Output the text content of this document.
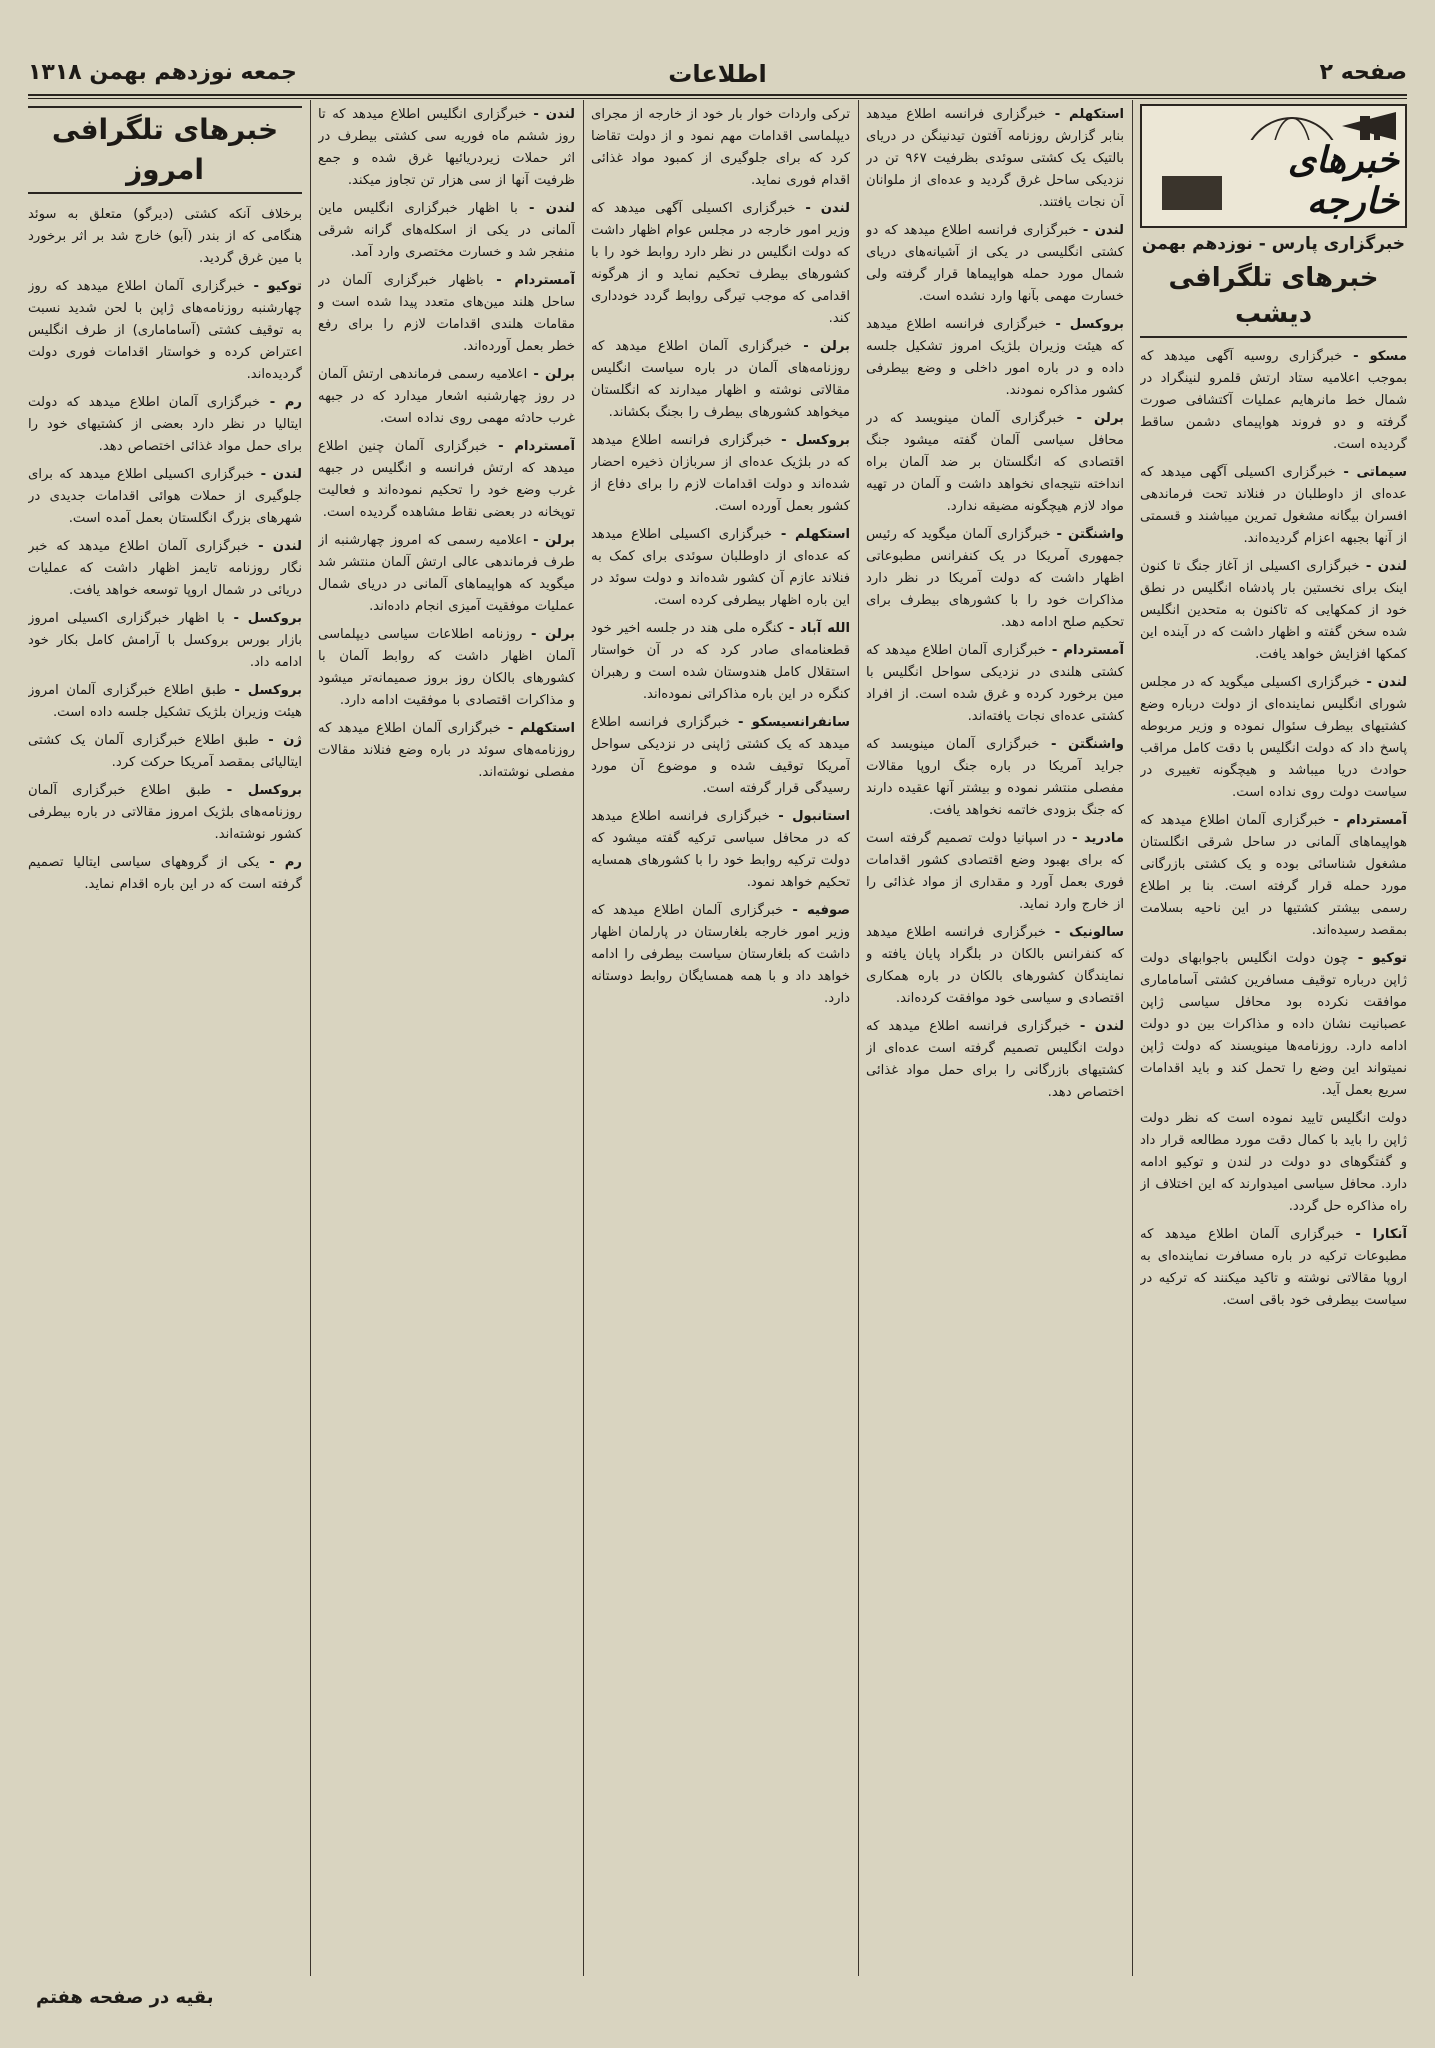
صفحه ۲
اطلاعات
جمعه نوزدهم بهمن ۱۳۱۸
خبرهای خارجه
خبرگزاری پارس - نوزدهم بهمن
خبرهای تلگرافی دیشب

مسکو - خبرگزاری روسیه آگهی میدهد که بموجب اعلامیه ستاد ارتش قلمرو لنینگراد در شمال خط مانرهایم عملیات آکتشافی صورت گرفته و دو فروند هواپیمای دشمن ساقط گردیده است.

سیماتی - خبرگزاری اکسیلی آگهی میدهد که عده‌ای از داوطلبان در فنلاند تحت فرماندهی افسران بیگانه مشغول تمرین میباشند و قسمتی از آنها بجبهه اعزام گردیده‌اند.

لندن - خبرگزاری اکسیلی از آغاز جنگ تا کنون اینک برای نخستین بار پادشاه انگلیس در نطق خود از کمکهایی که تاکنون به متحدین انگلیس شده سخن گفته و اظهار داشت که در آینده این کمکها افزایش خواهد یافت.

لندن - خبرگزاری اکسیلی میگوید که در مجلس شورای انگلیس نماینده‌ای از دولت درباره وضع کشتیهای بیطرف سئوال نموده و وزیر مربوطه پاسخ داد که دولت انگلیس با دقت کامل مراقب حوادث دریا میباشد و هیچگونه تغییری در سیاست دولت روی نداده است.

آمستردام - خبرگزاری آلمان اطلاع میدهد که هواپیماهای آلمانی در ساحل شرقی انگلستان مشغول شناسائی بوده و یک کشتی بازرگانی مورد حمله قرار گرفته است. بنا بر اطلاع رسمی بیشتر کشتیها در این ناحیه بسلامت بمقصد رسیده‌اند.

توکیو - چون دولت انگلیس باجوابهای دولت ژاپن درباره توقیف مسافرین کشتی آساماماری موافقت نکرده بود محافل سیاسی ژاپن عصبانیت نشان داده و مذاکرات بین دو دولت ادامه دارد. روزنامه‌ها مینویسند که دولت ژاپن نمیتواند این وضع را تحمل کند و باید اقدامات سریع بعمل آید.

دولت انگلیس تایید نموده است که نظر دولت ژاپن را باید با کمال دقت مورد مطالعه قرار داد و گفتگوهای دو دولت در لندن و توکیو ادامه دارد. محافل سیاسی امیدوارند که این اختلاف از راه مذاکره حل گردد.

آنکارا - خبرگزاری آلمان اطلاع میدهد که مطبوعات ترکیه در باره مسافرت نماینده‌ای به اروپا مقالاتی نوشته و تاکید میکنند که ترکیه در سیاست بیطرفی خود باقی است.

استکهلم - خبرگزاری فرانسه اطلاع میدهد بنابر گزارش روزنامه آفتون تیدنینگن در دریای بالتیک یک کشتی سوئدی بظرفیت ۹۶۷ تن در نزدیکی ساحل غرق گردید و عده‌ای از ملوانان آن نجات یافتند.

لندن - خبرگزاری فرانسه اطلاع میدهد که دو کشتی انگلیسی در یکی از آشیانه‌های دریای شمال مورد حمله هواپیماها قرار گرفته ولی خسارت مهمی بآنها وارد نشده است.

بروکسل - خبرگزاری فرانسه اطلاع میدهد که هیئت وزیران بلژیک امروز تشکیل جلسه داده و در باره امور داخلی و وضع بیطرفی کشور مذاکره نمودند.

برلن - خبرگزاری آلمان مینویسد که در محافل سیاسی آلمان گفته میشود جنگ اقتصادی که انگلستان بر ضد آلمان براه انداخته نتیجه‌ای نخواهد داشت و آلمان در تهیه مواد لازم هیچگونه مضیقه ندارد.

واشنگتن - خبرگزاری آلمان میگوید که رئیس جمهوری آمریکا در یک کنفرانس مطبوعاتی اظهار داشت که دولت آمریکا در نظر دارد مذاکرات خود را با کشورهای بیطرف برای تحکیم صلح ادامه دهد.

آمستردام - خبرگزاری آلمان اطلاع میدهد که کشتی هلندی در نزدیکی سواحل انگلیس با مین برخورد کرده و غرق شده است. از افراد کشتی عده‌ای نجات یافته‌اند.

واشنگتن - خبرگزاری آلمان مینویسد که جراید آمریکا در باره جنگ اروپا مقالات مفصلی منتشر نموده و بیشتر آنها عقیده دارند که جنگ بزودی خاتمه نخواهد یافت.

مادرید - در اسپانیا دولت تصمیم گرفته است که برای بهبود وضع اقتصادی کشور اقدامات فوری بعمل آورد و مقداری از مواد غذائی را از خارج وارد نماید.

سالونیک - خبرگزاری فرانسه اطلاع میدهد که کنفرانس بالکان در بلگراد پایان یافته و نمایندگان کشورهای بالکان در باره همکاری اقتصادی و سیاسی خود موافقت کرده‌اند.

لندن - خبرگزاری فرانسه اطلاع میدهد که دولت انگلیس تصمیم گرفته است عده‌ای از کشتیهای بازرگانی را برای حمل مواد غذائی اختصاص دهد.

ترکی واردات خوار بار خود از خارجه از مجرای دیپلماسی اقدامات مهم نمود و از دولت تقاضا کرد که برای جلوگیری از کمبود مواد غذائی اقدام فوری نماید.

لندن - خبرگزاری اکسیلی آگهی میدهد که وزیر امور خارجه در مجلس عوام اظهار داشت که دولت انگلیس در نظر دارد روابط خود را با کشورهای بیطرف تحکیم نماید و از هرگونه اقدامی که موجب تیرگی روابط گردد خودداری کند.

برلن - خبرگزاری آلمان اطلاع میدهد که روزنامه‌های آلمان در باره سیاست انگلیس مقالاتی نوشته و اظهار میدارند که انگلستان میخواهد کشورهای بیطرف را بجنگ بکشاند.

بروکسل - خبرگزاری فرانسه اطلاع میدهد که در بلژیک عده‌ای از سربازان ذخیره احضار شده‌اند و دولت اقدامات لازم را برای دفاع از کشور بعمل آورده است.

استکهلم - خبرگزاری اکسیلی اطلاع میدهد که عده‌ای از داوطلبان سوئدی برای کمک به فنلاند عازم آن کشور شده‌اند و دولت سوئد در این باره اظهار بیطرفی کرده است.

الله آباد - کنگره ملی هند در جلسه اخیر خود قطعنامه‌ای صادر کرد که در آن خواستار استقلال کامل هندوستان شده است و رهبران کنگره در این باره مذاکراتی نموده‌اند.

سانفرانسیسکو - خبرگزاری فرانسه اطلاع میدهد که یک کشتی ژاپنی در نزدیکی سواحل آمریکا توقیف شده و موضوع آن مورد رسیدگی قرار گرفته است.

استانبول - خبرگزاری فرانسه اطلاع میدهد که در محافل سیاسی ترکیه گفته میشود که دولت ترکیه روابط خود را با کشورهای همسایه تحکیم خواهد نمود.

صوفیه - خبرگزاری آلمان اطلاع میدهد که وزیر امور خارجه بلغارستان در پارلمان اظهار داشت که بلغارستان سیاست بیطرفی را ادامه خواهد داد و با همه همسایگان روابط دوستانه دارد.

لندن - خبرگزاری انگلیس اطلاع میدهد که تا روز ششم ماه فوریه سی کشتی بیطرف در اثر حملات زیردریائیها غرق شده و جمع ظرفیت آنها از سی هزار تن تجاوز میکند.

لندن - با اظهار خبرگزاری انگلیس ماین آلمانی در یکی از اسکله‌های گرانه شرقی منفجر شد و خسارت مختصری وارد آمد.

آمستردام - باظهار خبرگزاری آلمان در ساحل هلند مین‌های متعدد پیدا شده است و مقامات هلندی اقدامات لازم را برای رفع خطر بعمل آورده‌اند.

برلن - اعلامیه رسمی فرماندهی ارتش آلمان در روز چهارشنبه اشعار میدارد که در جبهه غرب حادثه مهمی روی نداده است.

آمستردام - خبرگزاری آلمان چنین اطلاع میدهد که ارتش فرانسه و انگلیس در جبهه غرب وضع خود را تحکیم نموده‌اند و فعالیت توپخانه در بعضی نقاط مشاهده گردیده است.

برلن - اعلامیه رسمی که امروز چهارشنبه از طرف فرماندهی عالی ارتش آلمان منتشر شد میگوید که هواپیماهای آلمانی در دریای شمال عملیات موفقیت آمیزی انجام داده‌اند.

برلن - روزنامه اطلاعات سیاسی دیپلماسی آلمان اظهار داشت که روابط آلمان با کشورهای بالکان روز بروز صمیمانه‌تر میشود و مذاکرات اقتصادی با موفقیت ادامه دارد.

استکهلم - خبرگزاری آلمان اطلاع میدهد که روزنامه‌های سوئد در باره وضع فنلاند مقالات مفصلی نوشته‌اند.

خبرهای تلگرافی امروز

برخلاف آنکه کشتی (دیرگو) متعلق به سوئد هنگامی که از بندر (آبو) خارج شد بر اثر برخورد با مین غرق گردید.

توکیو - خبرگزاری آلمان اطلاع میدهد که روز چهارشنبه روزنامه‌های ژاپن با لحن شدید نسبت به توقیف کشتی (آساماماری) از طرف انگلیس اعتراض کرده و خواستار اقدامات فوری دولت گردیده‌اند.

رم - خبرگزاری آلمان اطلاع میدهد که دولت ایتالیا در نظر دارد بعضی از کشتیهای خود را برای حمل مواد غذائی اختصاص دهد.

لندن - خبرگزاری اکسیلی اطلاع میدهد که برای جلوگیری از حملات هوائی اقدامات جدیدی در شهرهای بزرگ انگلستان بعمل آمده است.

لندن - خبرگزاری آلمان اطلاع میدهد که خبر نگار روزنامه تایمز اظهار داشت که عملیات دریائی در شمال اروپا توسعه خواهد یافت.

بروکسل - با اظهار خبرگزاری اکسیلی امروز بازار بورس بروکسل با آرامش کامل بکار خود ادامه داد.

بروکسل - طبق اطلاع خبرگزاری آلمان امروز هیئت وزیران بلژیک تشکیل جلسه داده است.

ژن - طبق اطلاع خبرگزاری آلمان یک کشتی ایتالیائی بمقصد آمریکا حرکت کرد.

بروکسل - طبق اطلاع خبرگزاری آلمان روزنامه‌های بلژیک امروز مقالاتی در باره بیطرفی کشور نوشته‌اند.

رم - یکی از گروههای سیاسی ایتالیا تصمیم گرفته است که در این باره اقدام نماید.

بقیه در صفحه هفتم
